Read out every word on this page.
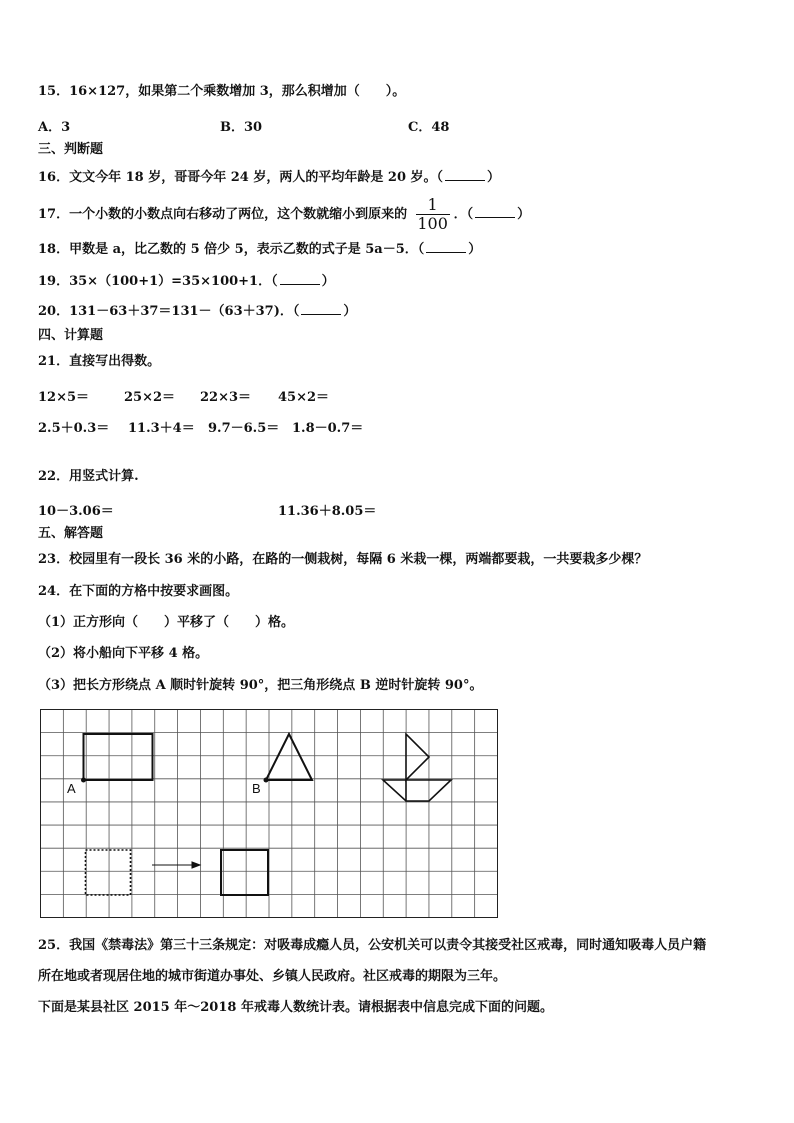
15．16×127，如果第二个乘数增加 3，那么积增加（　　）。
A．3	B．30	C．48
三、判断题
16．文文今年 18 岁，哥哥今年 24 岁，两人的平均年龄是 20 岁。（	）
17．一个小数的小数点向右移动了两位，这个数就缩小到原来的 $\frac{1}{100}$ ．（	）
18．甲数是 a，比乙数的 5 倍少 5，表示乙数的式子是 5a－5．（	）
19．35×（100+1）=35×100+1．（	）
20．131－63＋37＝131－（63＋37)．（	）
四、计算题
21．直接写出得数。
12×5＝	25×2＝ 22×3＝ 45×2＝
2.5＋0.3＝ 11.3＋4＝ 9.7－6.5＝ 1.8－0.7＝
22．用竖式计算.
10－3.06＝	11.36＋8.05＝
五、解答题
23．校园里有一段长 36 米的小路，在路的一侧栽树，每隔 6 米栽一棵，两端都要栽，一共要栽多少棵？
24．在下面的方格中按要求画图。
（1）正方形向（　　）平移了（　　）格。
（2）将小船向下平移 4 格。
（3）把长方形绕点 A 顺时针旋转 90°，把三角形绕点 B 逆时针旋转 90°。
A	B
25．我国《禁毒法》第三十三条规定：对吸毒成瘾人员，公安机关可以责令其接受社区戒毒，同时通知吸毒人员户籍
所在地或者现居住地的城市街道办事处、乡镇人民政府。社区戒毒的期限为三年。
下面是某县社区 2015 年～2018 年戒毒人数统计表。请根据表中信息完成下面的问题。
